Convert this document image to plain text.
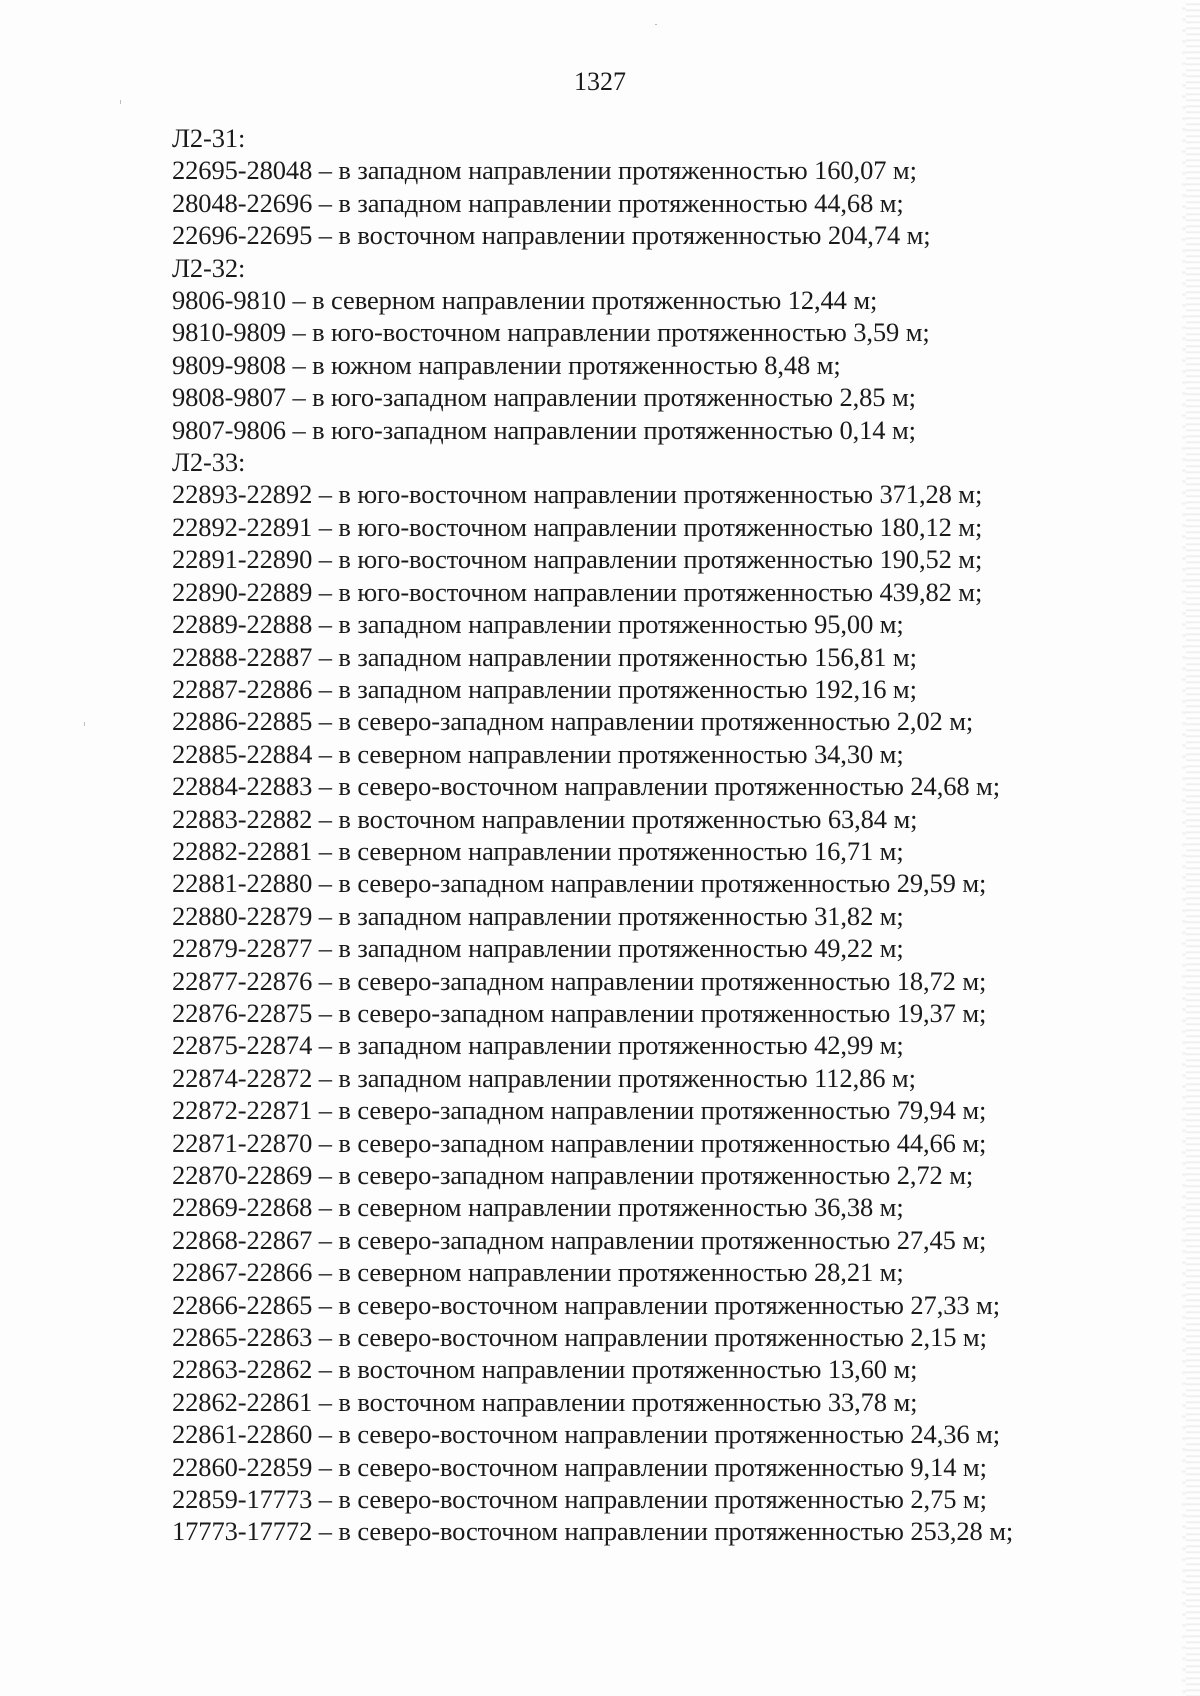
1327
Л2-31:
22695-28048 – в западном направлении протяженностью 160,07 м;
28048-22696 – в западном направлении протяженностью 44,68 м;
22696-22695 – в восточном направлении протяженностью 204,74 м;
Л2-32:
9806-9810 – в северном направлении протяженностью 12,44 м;
9810-9809 – в юго-восточном направлении протяженностью 3,59 м;
9809-9808 – в южном направлении протяженностью 8,48 м;
9808-9807 – в юго-западном направлении протяженностью 2,85 м;
9807-9806 – в юго-западном направлении протяженностью 0,14 м;
Л2-33:
22893-22892 – в юго-восточном направлении протяженностью 371,28 м;
22892-22891 – в юго-восточном направлении протяженностью 180,12 м;
22891-22890 – в юго-восточном направлении протяженностью 190,52 м;
22890-22889 – в юго-восточном направлении протяженностью 439,82 м;
22889-22888 – в западном направлении протяженностью 95,00 м;
22888-22887 – в западном направлении протяженностью 156,81 м;
22887-22886 – в западном направлении протяженностью 192,16 м;
22886-22885 – в северо-западном направлении протяженностью 2,02 м;
22885-22884 – в северном направлении протяженностью 34,30 м;
22884-22883 – в северо-восточном направлении протяженностью 24,68 м;
22883-22882 – в восточном направлении протяженностью 63,84 м;
22882-22881 – в северном направлении протяженностью 16,71 м;
22881-22880 – в северо-западном направлении протяженностью 29,59 м;
22880-22879 – в западном направлении протяженностью 31,82 м;
22879-22877 – в западном направлении протяженностью 49,22 м;
22877-22876 – в северо-западном направлении протяженностью 18,72 м;
22876-22875 – в северо-западном направлении протяженностью 19,37 м;
22875-22874 – в западном направлении протяженностью 42,99 м;
22874-22872 – в западном направлении протяженностью 112,86 м;
22872-22871 – в северо-западном направлении протяженностью 79,94 м;
22871-22870 – в северо-западном направлении протяженностью 44,66 м;
22870-22869 – в северо-западном направлении протяженностью 2,72 м;
22869-22868 – в северном направлении протяженностью 36,38 м;
22868-22867 – в северо-западном направлении протяженностью 27,45 м;
22867-22866 – в северном направлении протяженностью 28,21 м;
22866-22865 – в северо-восточном направлении протяженностью 27,33 м;
22865-22863 – в северо-восточном направлении протяженностью 2,15 м;
22863-22862 – в восточном направлении протяженностью 13,60 м;
22862-22861 – в восточном направлении протяженностью 33,78 м;
22861-22860 – в северо-восточном направлении протяженностью 24,36 м;
22860-22859 – в северо-восточном направлении протяженностью 9,14 м;
22859-17773 – в северо-восточном направлении протяженностью 2,75 м;
17773-17772 – в северо-восточном направлении протяженностью 253,28 м;
